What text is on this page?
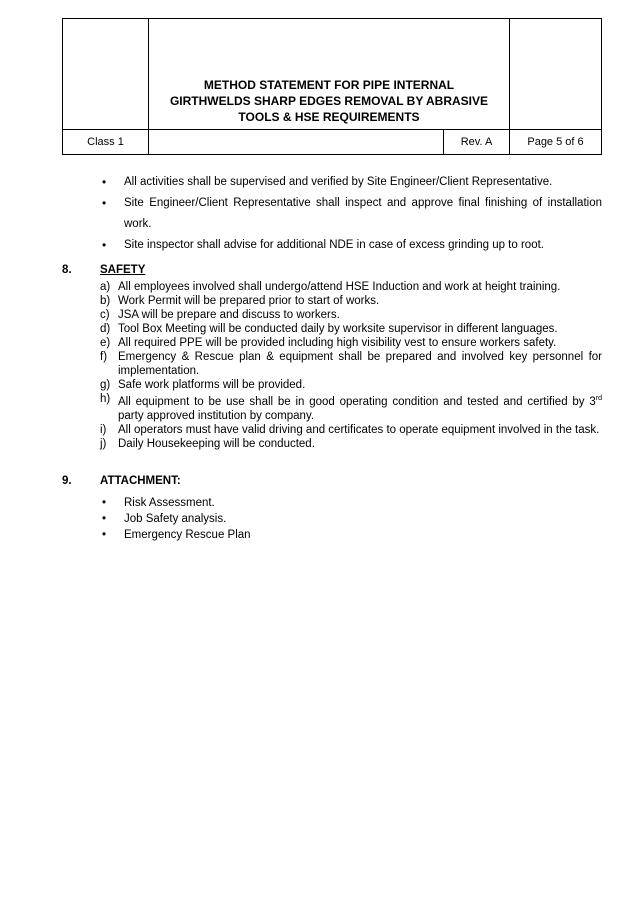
	METHOD STATEMENT FOR PIPE INTERNAL
GIRTHWELDS SHARP EDGES REMOVAL BY ABRASIVE
TOOLS & HSE REQUIREMENTS		

Class 1		Rev. A	Page 5 of 6
• All activities shall be supervised and verified by Site Engineer/Client Representative.
• Site Engineer/Client Representative shall inspect and approve final finishing of installation work.
• Site inspector shall advise for additional NDE in case of excess grinding up to root.
8.	SAFETY
a) All employees involved shall undergo/attend HSE Induction and work at height training.
b) Work Permit will be prepared prior to start of works.
c) JSA will be prepare and discuss to workers.
d) Tool Box Meeting will be conducted daily by worksite supervisor in different languages.
e) All required PPE will be provided including high visibility vest to ensure workers safety.
f) Emergency & Rescue plan & equipment shall be prepared and involved key personnel for implementation.
g) Safe work platforms will be provided.
h) All equipment to be use shall be in good operating condition and tested and certified by 3rd party approved institution by company.
i)	All operators must have valid driving and certificates to operate equipment involved in the task.
j)	Daily Housekeeping will be conducted.
9.	ATTACHMENT:
• Risk Assessment.
• Job Safety analysis.
• Emergency Rescue Plan
